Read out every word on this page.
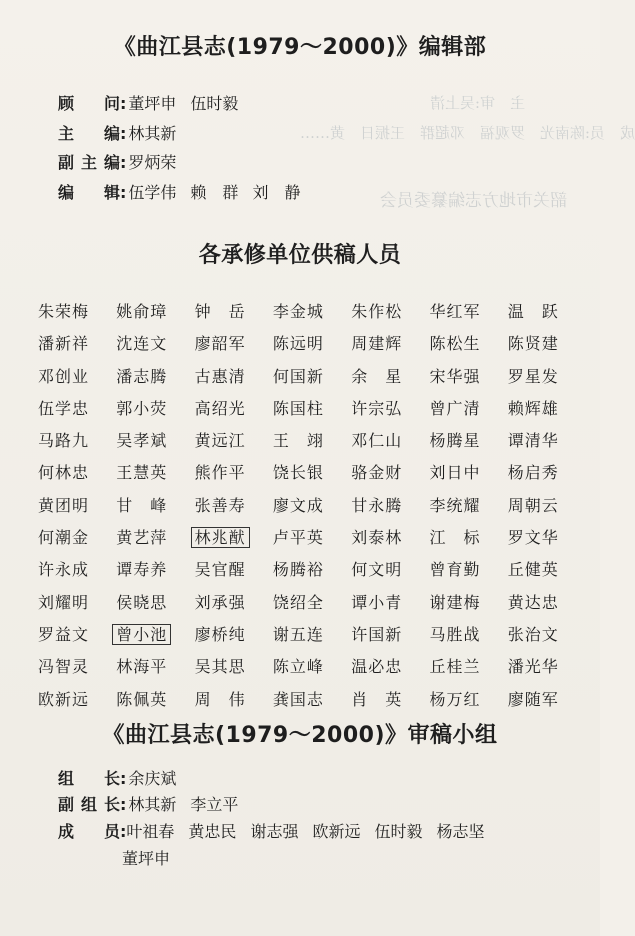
主　审:吴上清
成　员:陈南光　罗观福　邓超群　王振日　黄……
韶关市地方志编纂委员会
《曲江县志(1979～2000)》编辑部
顾　问: 董坪申 伍时毅
主　编: 林其新
副主编: 罗炳荣
编　辑: 伍学伟 赖　群 刘　静
各承修单位供稿人员
朱荣梅 姚俞璋 钟　岳 李金城 朱作松 华红军 温　跃
潘新祥 沈连文 廖韶军 陈远明 周建辉 陈松生 陈贤建
邓创业 潘志腾 古惠清 何国新 余　星 宋华强 罗星发
伍学忠 郭小荧 高绍光 陈国柱 许宗弘 曾广清 赖辉雄
马路九 吴孝斌 黄远江 王　翊 邓仁山 杨腾星 谭清华
何林忠 王慧英 熊作平 饶长银 骆金财 刘日中 杨启秀
黄团明 甘　峰 张善寿 廖文成 甘永腾 李统耀 周朝云
何潮金 黄艺萍 林兆猷 卢平英 刘泰林 江　标 罗文华
许永成 谭寿养 吴官醒 杨腾裕 何文明 曾育勤 丘健英
刘耀明 侯晓思 刘承强 饶绍全 谭小青 谢建梅 黄达忠
罗益文 曾小池 廖桥纯 谢五连 许国新 马胜战 张治文
冯智灵 林海平 吴其思 陈立峰 温必忠 丘桂兰 潘光华
欧新远 陈佩英 周　伟 龚国志 肖　英 杨万红 廖随军
《曲江县志(1979～2000)》审稿小组
组　长: 余庆斌
副组长: 林其新 李立平
成　员:叶祖春 黄忠民 谢志强 欧新远 伍时毅 杨志坚
董坪申
